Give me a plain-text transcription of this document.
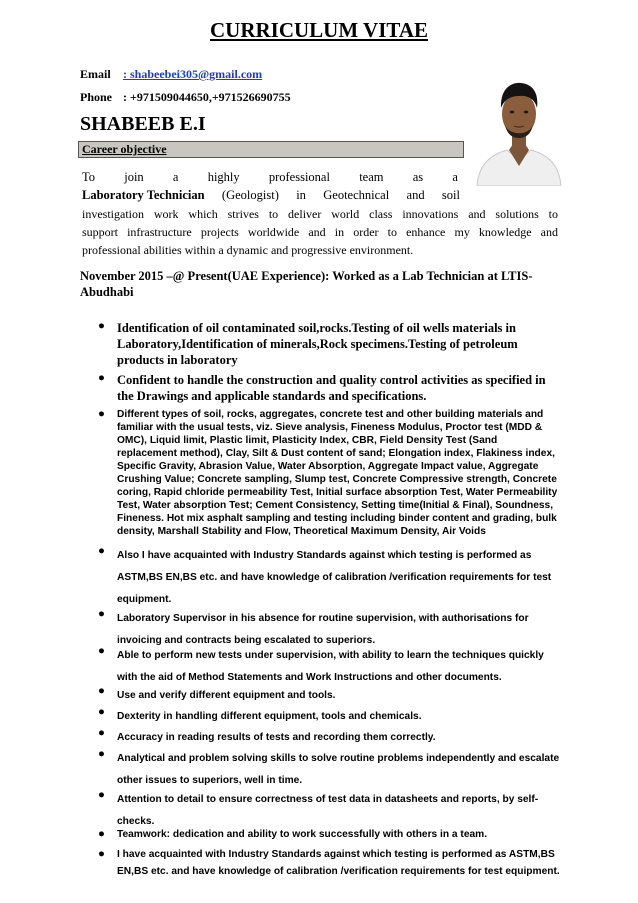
CURRICULUM VITAE
Email : shabeebei305@gmail.com
Phone : +971509044650,+971526690755
SHABEEB E.I
Career objective
To join a highly professional team as a
Laboratory Technician (Geologist) in Geotechnical and soil
investigation work which strives to deliver world class innovations and solutions to
support infrastructure projects worldwide and in order to enhance my knowledge and
professional abilities within a dynamic and progressive environment.
November 2015 –@ Present(UAE Experience): Worked as a Lab Technician at LTIS-Abudhabi
● Identification of oil contaminated soil,rocks.Testing of oil wells materials in Laboratory,Identification of minerals,Rock specimens.Testing of petroleum products in laboratory
● Confident to handle the construction and quality control activities as specified in the Drawings and applicable standards and specifications.
● Different types of soil, rocks, aggregates, concrete test and other building materials and familiar with the usual tests, viz. Sieve analysis, Fineness Modulus, Proctor test (MDD & OMC), Liquid limit, Plastic limit, Plasticity Index, CBR, Field Density Test (Sand replacement method), Clay, Silt & Dust content of sand; Elongation index, Flakiness index, Specific Gravity, Abrasion Value, Water Absorption, Aggregate Impact value, Aggregate Crushing Value; Concrete sampling, Slump test, Concrete Compressive strength, Concrete coring, Rapid chloride permeability Test, Initial surface absorption Test, Water Permeability Test, Water absorption Test; Cement Consistency, Setting time(Initial & Final), Soundness, Fineness. Hot mix asphalt sampling and testing including binder content and grading, bulk density, Marshall Stability and Flow, Theoretical Maximum Density, Air Voids
● Also I have acquainted with Industry Standards against which testing is performed as ASTM,BS EN,BS etc. and have knowledge of calibration /verification requirements for test equipment.
● Laboratory Supervisor in his absence for routine supervision, with authorisations for invoicing and contracts being escalated to superiors.
● Able to perform new tests under supervision, with ability to learn the techniques quickly with the aid of Method Statements and Work Instructions and other documents.
● Use and verify different equipment and tools.
● Dexterity in handling different equipment, tools and chemicals.
● Accuracy in reading results of tests and recording them correctly.
● Analytical and problem solving skills to solve routine problems independently and escalate other issues to superiors, well in time.
● Attention to detail to ensure correctness of test data in datasheets and reports, by self-checks.
● Teamwork: dedication and ability to work successfully with others in a team.
● I have acquainted with Industry Standards against which testing is performed as ASTM,BS EN,BS etc. and have knowledge of calibration /verification requirements for test equipment.
